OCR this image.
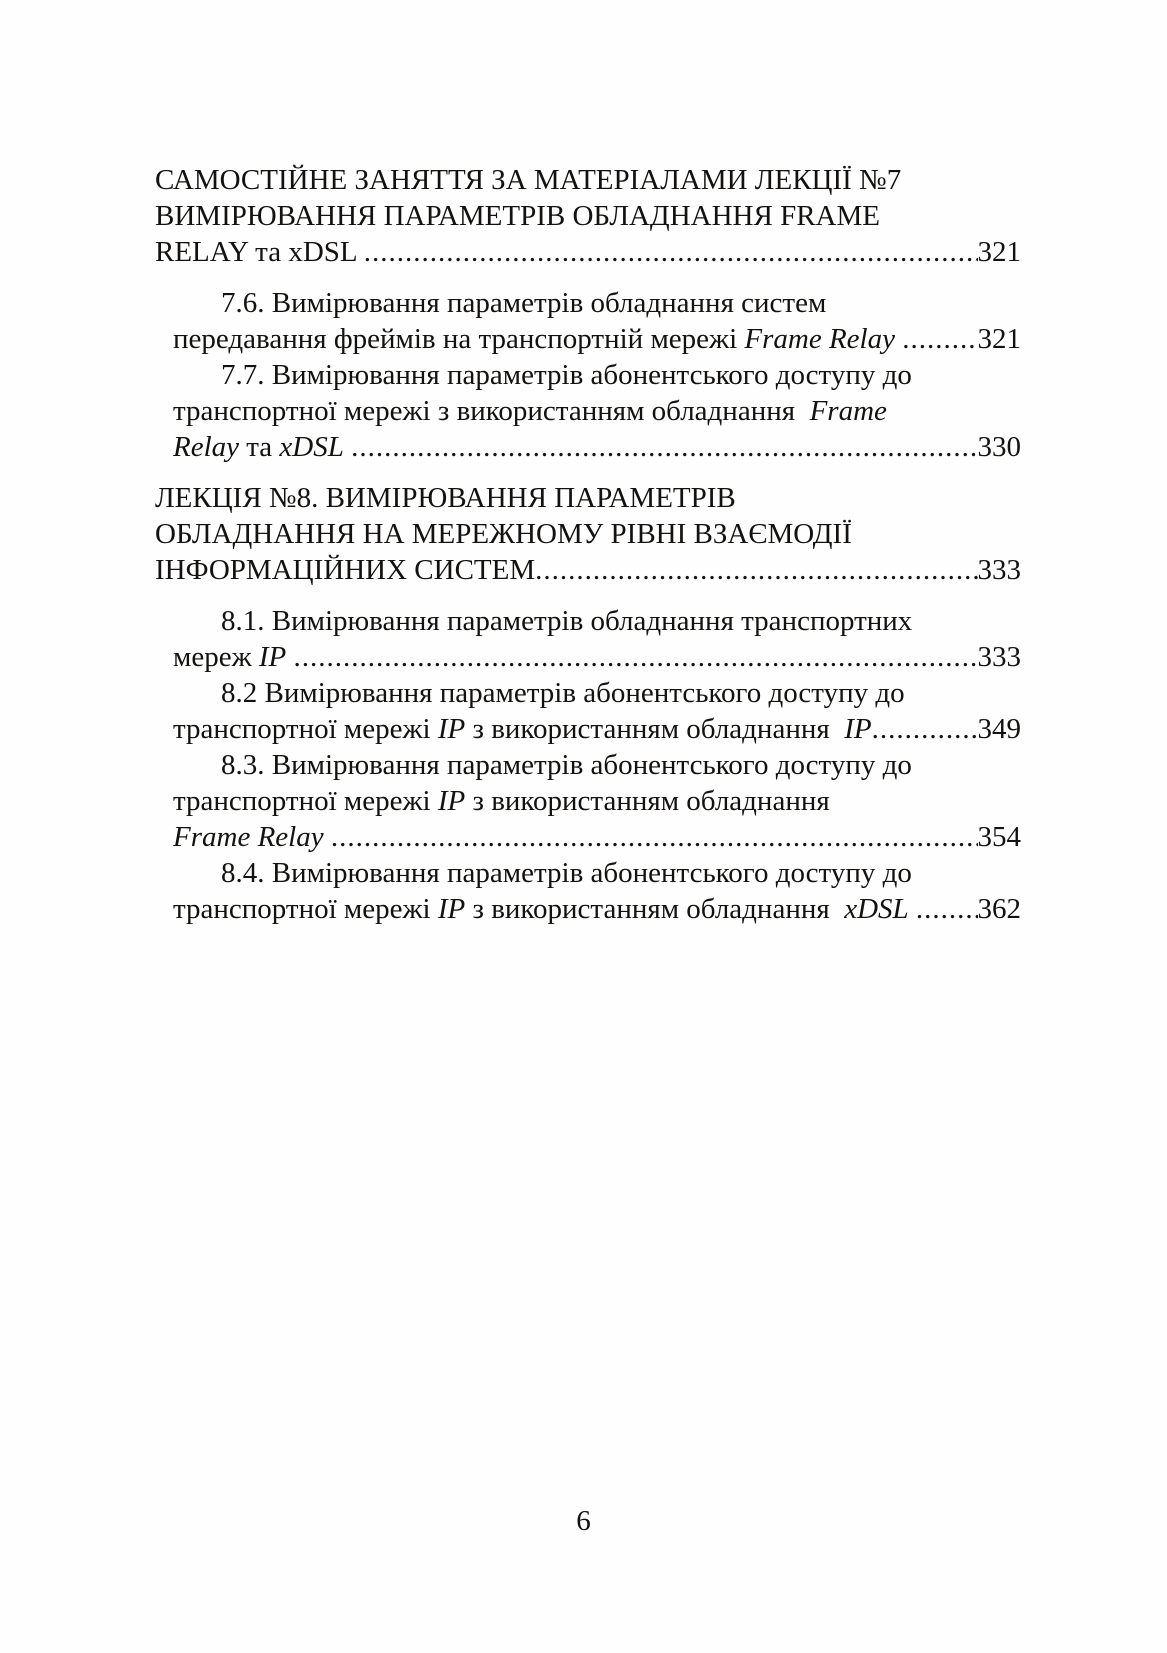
САМОСТІЙНЕ ЗАНЯТТЯ ЗА МАТЕРІАЛАМИ ЛЕКЦІЇ №7
ВИМІРЮВАННЯ ПАРАМЕТРІВ ОБЛАДНАННЯ FRAME
RELAY та xDSL .....	321
7.6. Вимірювання параметрів обладнання систем
передавання фреймів на транспортній мережі Frame Relay .....	321
7.7. Вимірювання параметрів абонентського доступу до
транспортної мережі з використанням обладнання  Frame
Relay та xDSL .....	330
ЛЕКЦІЯ №8. ВИМІРЮВАННЯ ПАРАМЕТРІВ
ОБЛАДНАННЯ НА МЕРЕЖНОМУ РІВНІ ВЗАЄМОДІЇ
ІНФОРМАЦІЙНИХ СИСТЕМ .....	333
8.1. Вимірювання параметрів обладнання транспортних
мереж IP .....	333
8.2 Вимірювання параметрів абонентського доступу до
транспортної мережі IP з використанням обладнання  IP .....	349
8.3. Вимірювання параметрів абонентського доступу до
транспортної мережі IP з використанням обладнання
Frame Relay .....	354
8.4. Вимірювання параметрів абонентського доступу до
транспортної мережі IP з використанням обладнання  xDSL ..... 362
6
